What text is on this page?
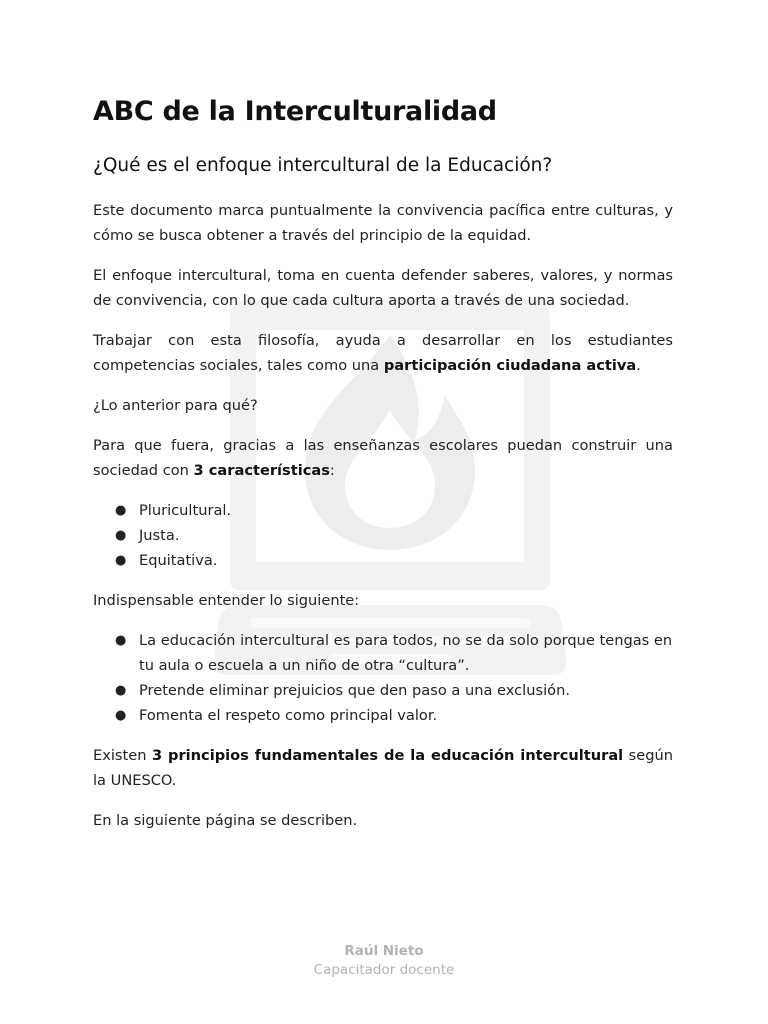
ABC de la Interculturalidad
¿Qué es el enfoque intercultural de la Educación?

Este documento marca puntualmente la convivencia pacífica entre culturas, y cómo se busca obtener a través del principio de la equidad.

El enfoque intercultural, toma en cuenta defender saberes, valores, y normas de convivencia, con lo que cada cultura aporta a través de una sociedad.

Trabajar con esta filosofía, ayuda a desarrollar en los estudiantes competencias sociales, tales como una participación ciudadana activa.

¿Lo anterior para qué?

Para que fuera, gracias a las enseñanzas escolares puedan construir una sociedad con 3 características:

● Pluricultural.
● Justa.
● Equitativa.

Indispensable entender lo siguiente:

● La educación intercultural es para todos, no se da solo porque tengas en tu aula o escuela a un niño de otra “cultura”.
● Pretende eliminar prejuicios que den paso a una exclusión.
● Fomenta el respeto como principal valor.

Existen 3 principios fundamentales de la educación intercultural según la UNESCO.

En la siguiente página se describen.

Raúl Nieto
Capacitador docente
